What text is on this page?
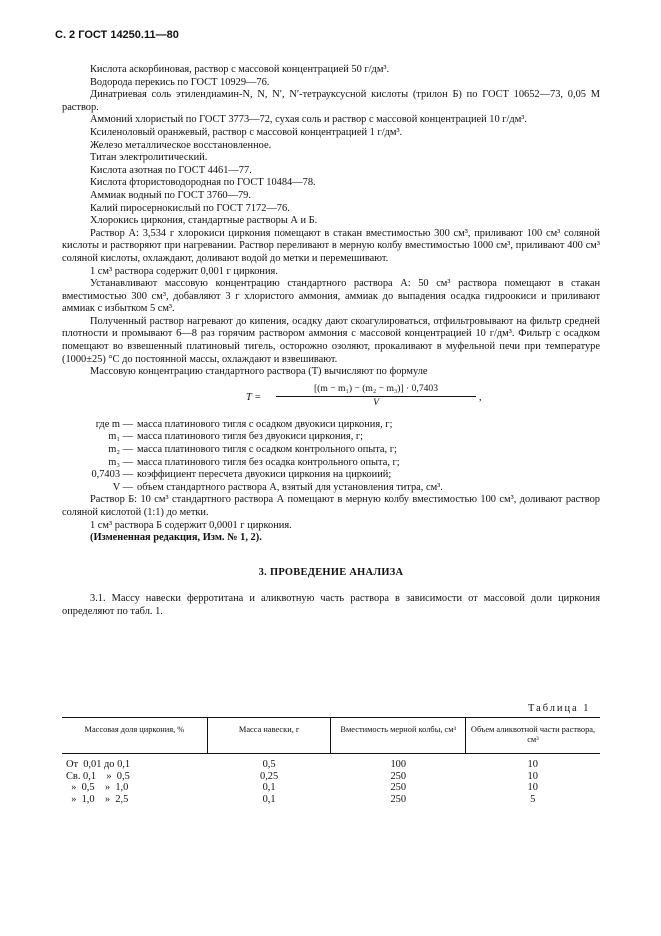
С. 2 ГОСТ 14250.11—80

Кислота аскорбиновая, раствор с массовой концентрацией 50 г/дм³.

Водорода перекись по ГОСТ 10929—76.

Динатриевая соль этилендиамин-N, N, N′, N′-тетрауксусной кислоты (трилон Б) по ГОСТ 10652—73, 0,05 М раствор.

Аммоний хлористый по ГОСТ 3773—72, сухая соль и раствор с массовой концентрацией 10 г/дм³.

Ксиленоловый оранжевый, раствор с массовой концентрацией 1 г/дм³.

Железо металлическое восстановленное.

Титан электролитический.

Кислота азотная по ГОСТ 4461—77.

Кислота фтористоводородная по ГОСТ 10484—78.

Аммиак водный по ГОСТ 3760—79.

Калий пиросернокислый по ГОСТ 7172—76.

Хлорокись циркония, стандартные растворы А и Б.

Раствор А: 3,534 г хлорокиси циркония помещают в стакан вместимостью 300 см³, приливают 100 см³ соляной кислоты и растворяют при нагревании. Раствор переливают в мерную колбу вместимостью 1000 см³, приливают 400 см³ соляной кислоты, охлаждают, доливают водой до метки и перемешивают.

1 см³ раствора содержит 0,001 г циркония.

Устанавливают массовую концентрацию стандартного раствора А: 50 см³ раствора помещают в стакан вместимостью 300 см³, добавляют 3 г хлористого аммония, аммиак до выпадения осадка гидроокиси и приливают аммиак с избытком 5 см³.

Полученный раствор нагревают до кипения, осадку дают скоагулироваться, отфильтровывают на фильтр средней плотности и промывают 6—8 раз горячим раствором аммония с массовой концентрацией 10 г/дм³. Фильтр с осадком помещают во взвешенный платиновый тигель, осторожно озоляют, прокаливают в муфельной печи при температуре (1000±25) °С до постоянной массы, охлаждают и взвешивают.

Массовую концентрацию стандартного раствора (T) вычисляют по формуле

$T = \frac{\text{[(m − m₁) − (m₂ − m₃)] · 0,7403}}{V}$ ,
где m — масса платинового тигля с осадком двуокиси циркония, г;
m₁ — масса платинового тигля без двуокиси циркония, г;
m₂ — масса платинового тигля с осадком контрольного опыта, г;
m₃ — масса платинового тигля без осадка контрольного опыта, г;
0,7403 — коэффициент пересчета двуокиси циркония на циркоиий;
V — объем стандартного раствора А, взятый для установления титра, см³.

Раствор Б: 10 см³ стандартного раствора А помещают в мерную колбу вместимостью 100 см³, доливают раствор соляной кислотой (1:1) до метки.

1 см³ раствора Б содержит 0,0001 г циркония.

(Измененная редакция, Изм. № 1, 2).

3. ПРОВЕДЕНИЕ АНАЛИЗА

3.1. Массу навески ферротитана и аликвотную часть раствора в зависимости от массовой доли циркония определяют по табл. 1.

Таблица 1
Массовая доля циркония, %	Масса навески, г	Вместимость мерной колбы, см³	Объем аликвотной части раствора, см³
От  0,01 до 0,1	0,5	100	10
Св. 0,1    »  0,5	0,25	250	10
»  0,5    »  1,0	0,1	250	10
»  1,0    »  2,5	0,1	250	5
